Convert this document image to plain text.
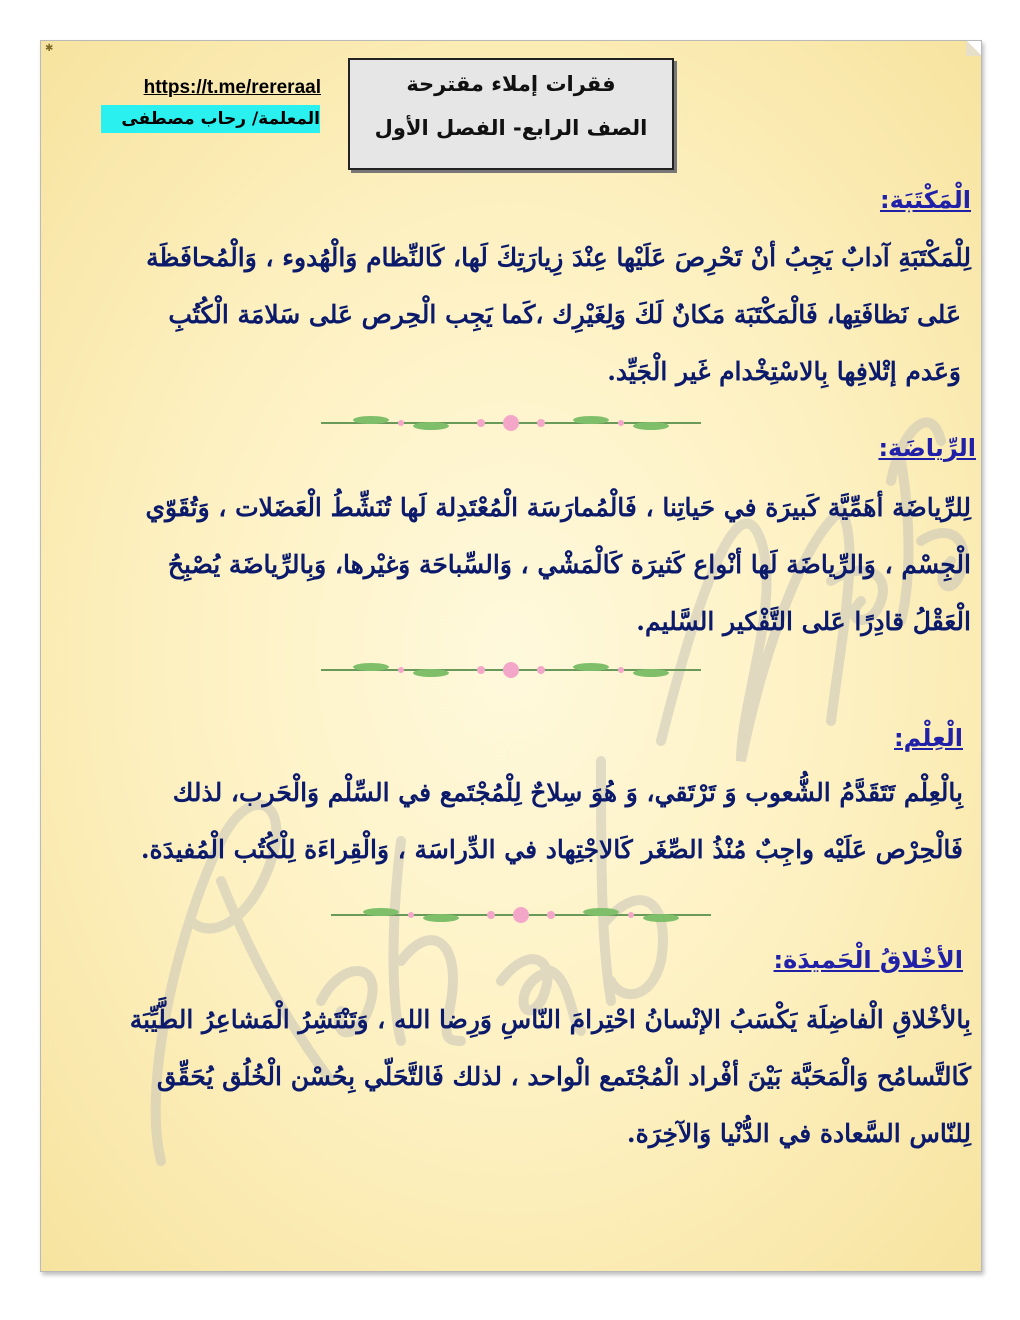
✱
فقرات إملاء مقترحة
الصف الرابع- الفصل الأول
https://t.me/rereraal
المعلمة/ رحاب مصطفى
الْمَكْتَبَة:
لِلْمَكْتَبَةِ آدابٌ يَجِبُ أنْ تَحْرِصَ عَلَيْها عِنْدَ زِيارَتِكَ لَها، كَالنِّظام وَالْهُدوء ، وَالْمُحافَظَة
عَلى نَظافَتِها، فَالْمَكْتَبَة مَكانٌ لَكَ وَلِغَيْرِك ،كَما يَجِب الْحِرص عَلى سَلامَة الْكُتُبِ
وَعَدم إتْلافِها بِالاسْتِخْدام غَير الْجَيِّد.
الرِّياضَة:
لِلرِّياضَة أهَمِّيَّة كَبيرَة في حَياتِنا ، فَالْمُمارَسَة الْمُعْتَدِلة لَها تُنَشِّطُ الْعَضَلات ، وَتُقَوّي
الْجِسْم ، وَالرِّياضَة لَها أنْواع كَثيرَة كَالْمَشْي ، وَالسِّباحَة وَغيْرها، وَبِالرِّياضَة يُصْبِحُ
الْعَقْلُ قادِرًا عَلى التَّفْكير السَّليم.
الْعِلْم:
بِالْعِلْم تَتَقَدَّمُ الشُّعوب وَ تَرْتَقي، وَ هُوَ سِلاحٌ لِلْمُجْتَمع في السِّلْم وَالْحَرب، لذلك
فَالْحِرْص عَلَيْه واجِبٌ مُنْذُ الصِّغَر كَالاجْتِهاد في الدِّراسَة ، وَالْقِراءَة لِلْكُتُب الْمُفيدَة.
الأخْلاقُ الْحَميدَة:
بِالأخْلاقِ الْفاضِلَة يَكْسَبُ الإنْسانُ احْتِرامَ النّاسِ وَرِضا الله ، وَتَنْتَشِرُ الْمَشاعِرُ الطَّيِّبَة
كَالتَّسامُح وَالْمَحَبَّة بَيْنَ أفْراد الْمُجْتَمع الْواحد ، لذلك فَالتَّحَلّي بِحُسْن الْخُلُق يُحَقِّق
لِلنّاس السَّعادة في الدُّنْيا وَالآخِرَة.
